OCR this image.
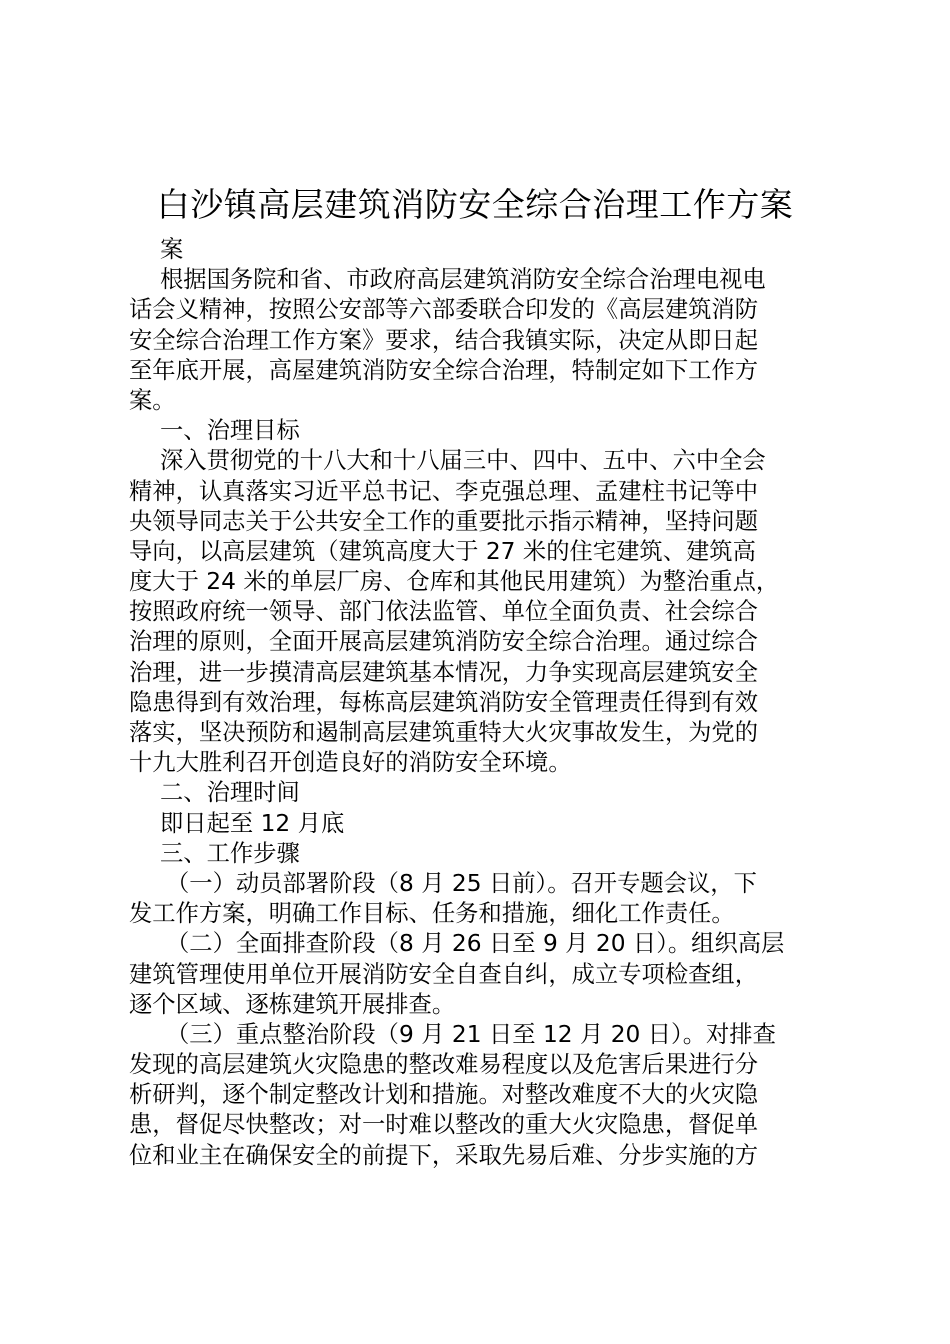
白沙镇高层建筑消防安全综合治理工作方案
案
根据国务院和省、市政府高层建筑消防安全综合治理电视电
话会义精神，按照公安部等六部委联合印发的《高层建筑消防
安全综合治理工作方案》要求，结合我镇实际，决定从即日起
至年底开展，高屋建筑消防安全综合治理，特制定如下工作方
案。
一、治理目标
深入贯彻党的十八大和十八届三中、四中、五中、六中全会
精神，认真落实习近平总书记、李克强总理、孟建柱书记等中
央领导同志关于公共安全工作的重要批示指示精神，坚持问题
导向，以高层建筑（建筑高度大于 27 米的住宅建筑、建筑高
度大于 24 米的单层厂房、仓库和其他民用建筑）为整治重点，
按照政府统一领导、部门依法监管、单位全面负责、社会综合
治理的原则，全面开展高层建筑消防安全综合治理。通过综合
治理，进一步摸清高层建筑基本情况，力争实现高层建筑安全
隐患得到有效治理，每栋高层建筑消防安全管理责任得到有效
落实，坚决预防和遏制高层建筑重特大火灾事故发生，为党的
十九大胜利召开创造良好的消防安全环境。
二、治理时间
即日起至 12 月底
三、工作步骤
（一）动员部署阶段（8 月 25 日前）。召开专题会议，下
发工作方案，明确工作目标、任务和措施，细化工作责任。
（二）全面排查阶段（8 月 26 日至 9 月 20 日）。组织高层
建筑管理使用单位开展消防安全自查自纠，成立专项检查组，
逐个区域、逐栋建筑开展排查。
（三）重点整治阶段（9 月 21 日至 12 月 20 日）。对排查
发现的高层建筑火灾隐患的整改难易程度以及危害后果进行分
析研判，逐个制定整改计划和措施。对整改难度不大的火灾隐
患，督促尽快整改；对一时难以整改的重大火灾隐患，督促单
位和业主在确保安全的前提下，采取先易后难、分步实施的方
